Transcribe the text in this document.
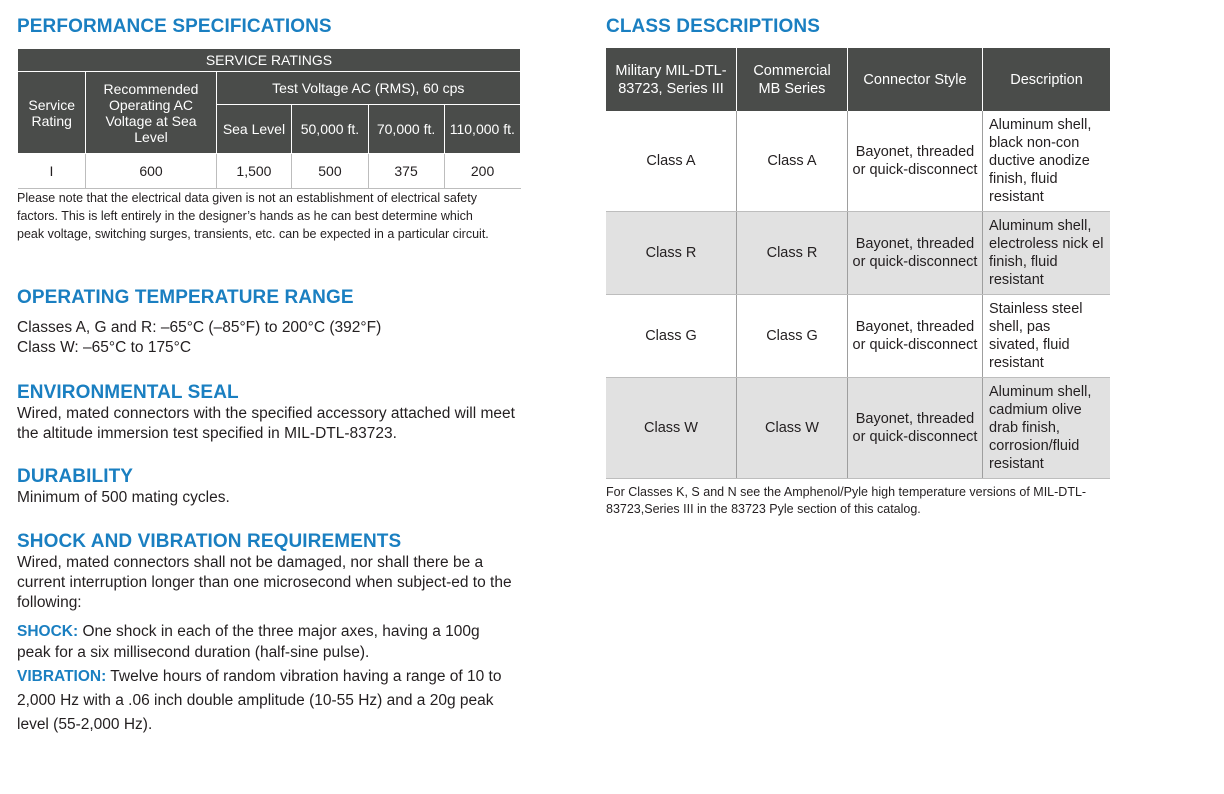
PERFORMANCE SPECIFICATIONS
SERVICE RATINGS					
Service Rating	Recommended Operating AC Voltage at Sea Level	Test Voltage AC (RMS), 60 cps			
		Sea Level	50,000 ft.	70,000 ft.	110,000 ft.
I	600	1,500	500	375	200

Please note that the electrical data given is not an establishment of electrical safety factors. This is left entirely in the designer’s hands as he can best determine which peak voltage, switching surges, transients, etc. can be expected in a particular circuit.

OPERATING TEMPERATURE RANGE

Classes A, G and R: –65°C (–85°F) to 200°C (392°F)

Class W: –65°C to 175°C

ENVIRONMENTAL SEAL

Wired, mated connectors with the specified accessory attached will meet the altitude immersion test specified in MIL-DTL-83723.

DURABILITY

Minimum of 500 mating cycles.

SHOCK AND VIBRATION REQUIREMENTS

Wired, mated connectors shall not be damaged, nor shall there be a current interruption longer than one microsecond when subject-ed to the following:

SHOCK: One shock in each of the three major axes, having a 100g peak for a six millisecond duration (half-sine pulse).

VIBRATION: Twelve hours of random vibration having a range of 10 to 2,000 Hz with a .06 inch double amplitude (10-55 Hz) and a 20g peak level (55-2,000 Hz).

CLASS DESCRIPTIONS
Military MIL-DTL-83723, Series III	Commercial MB Series	Connector Style	Description
Class A	Class A	Bayonet, threaded or quick-disconnect	Aluminum shell, black non-con ductive anodize finish, fluid resistant
Class R	Class R	Bayonet, threaded or quick-disconnect	Aluminum shell, electroless nick el finish, fluid resistant
Class G	Class G	Bayonet, threaded or quick-disconnect	Stainless steel shell, pas sivated, fluid resistant
Class W	Class W	Bayonet, threaded or quick-disconnect	Aluminum shell, cadmium olive drab finish, corrosion/fluid resistant

For Classes K, S and N see the Amphenol/Pyle high temperature versions of MIL-DTL-83723,Series III in the 83723 Pyle section of this catalog.
